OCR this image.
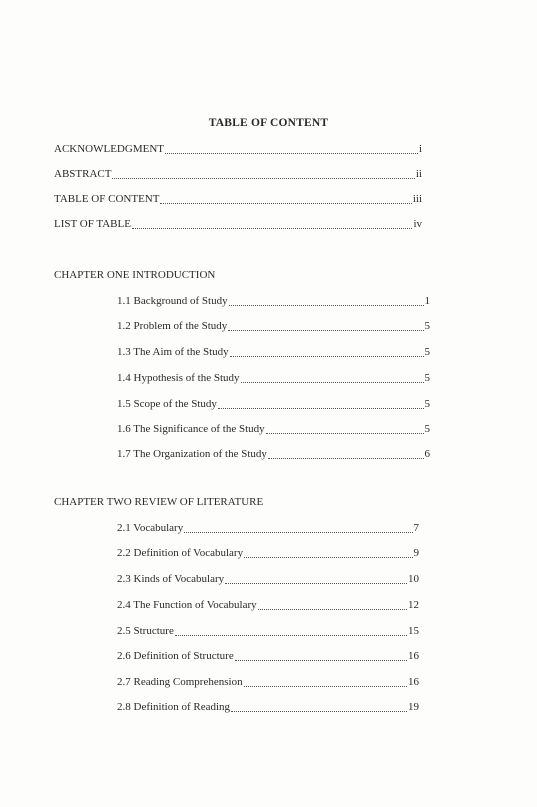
TABLE OF CONTENT
ACKNOWLEDGMENT	i
ABSTRACT	ii
TABLE OF CONTENT	iii
LIST OF TABLE	iv
CHAPTER ONE INTRODUCTION
1.1 Background of Study	1
1.2 Problem of the Study	5
1.3 The Aim of the Study	5
1.4 Hypothesis of the Study	5
1.5 Scope of the Study	5
1.6 The Significance of the Study	5
1.7 The Organization of the Study	6
CHAPTER TWO REVIEW OF LITERATURE
2.1 Vocabulary	7
2.2 Definition of Vocabulary	9
2.3 Kinds of Vocabulary	10
2.4 The Function of Vocabulary	12
2.5 Structure	15
2.6 Definition of Structure	16
2.7 Reading Comprehension	16
2.8 Definition of Reading	19
